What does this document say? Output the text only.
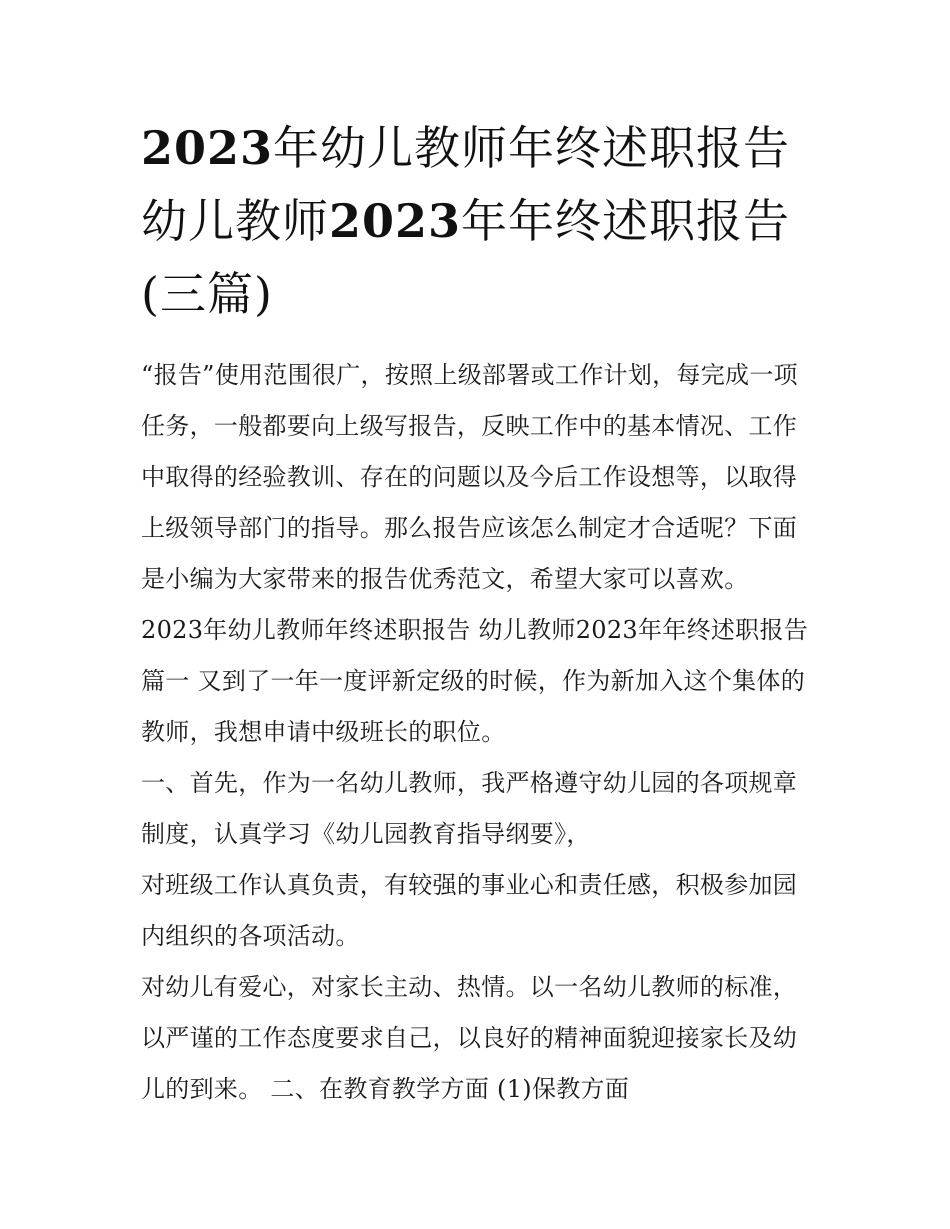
2023年幼儿教师年终述职报告
幼儿教师2023年年终述职报告
(三篇)

“报告”使用范围很广，按照上级部署或工作计划，每完成一项任务，一般都要向上级写报告，反映工作中的基本情况、工作中取得的经验教训、存在的问题以及今后工作设想等，以取得上级领导部门的指导。那么报告应该怎么制定才合适呢？下面是小编为大家带来的报告优秀范文，希望大家可以喜欢。

2023年幼儿教师年终述职报告 幼儿教师2023年年终述职报告篇一 又到了一年一度评新定级的时候，作为新加入这个集体的教师，我想申请中级班长的职位。

一、首先，作为一名幼儿教师，我严格遵守幼儿园的各项规章制度，认真学习《幼儿园教育指导纲要》，

对班级工作认真负责，有较强的事业心和责任感，积极参加园内组织的各项活动。

对幼儿有爱心，对家长主动、热情。以一名幼儿教师的标准，以严谨的工作态度要求自己，以良好的精神面貌迎接家长及幼儿的到来。 二、在教育教学方面 (1)保教方面
